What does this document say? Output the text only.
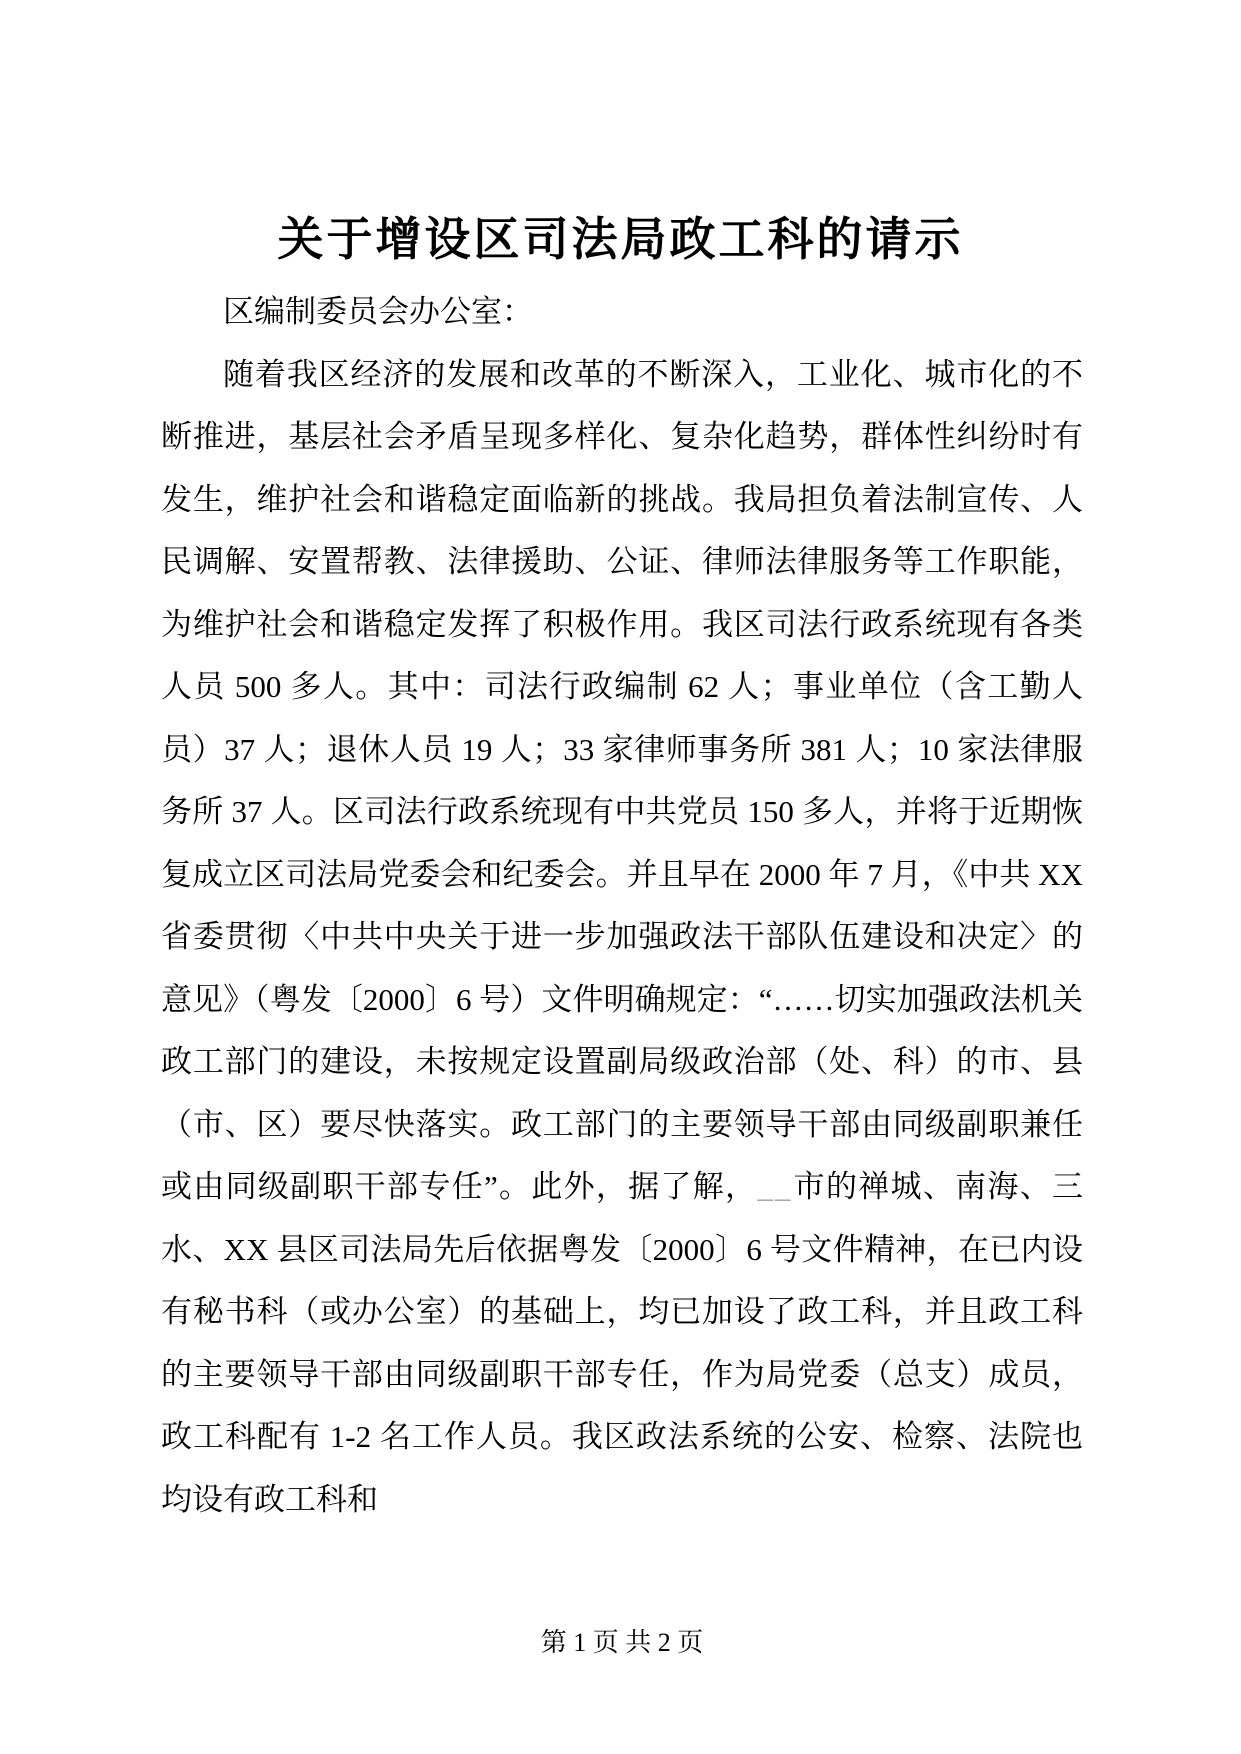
关于增设区司法局政工科的请示

区编制委员会办公室：

随着我区经济的发展和改革的不断深入，工业化、城市化的不断推进，基层社会矛盾呈现多样化、复杂化趋势，群体性纠纷时有发生，维护社会和谐稳定面临新的挑战。我局担负着法制宣传、人民调解、安置帮教、法律援助、公证、律师法律服务等工作职能，为维护社会和谐稳定发挥了积极作用。我区司法行政系统现有各类人员 500 多人。其中：司法行政编制 62 人；事业单位（含工勤人员）37 人；退休人员 19 人；33 家律师事务所 381 人；10 家法律服务所 37 人。区司法行政系统现有中共党员 150 多人，并将于近期恢复成立区司法局党委会和纪委会。并且早在 2000 年 7 月，《中共 XX 省委贯彻〈中共中央关于进一步加强政法干部队伍建设和决定〉的意见》（粤发〔2000〕6 号）文件明确规定：“……切实加强政法机关政工部门的建设，未按规定设置副局级政治部（处、科）的市、县（市、区）要尽快落实。政工部门的主要领导干部由同级副职兼任或由同级副职干部专任”。此外，据了解，__市的禅城、南海、三水、XX 县区司法局先后依据粤发〔2000〕6 号文件精神，在已内设有秘书科（或办公室）的基础上，均已加设了政工科，并且政工科的主要领导干部由同级副职干部专任，作为局党委（总支）成员，政工科配有 1-2 名工作人员。我区政法系统的公安、检察、法院也均设有政工科和

第 1 页 共 2 页
